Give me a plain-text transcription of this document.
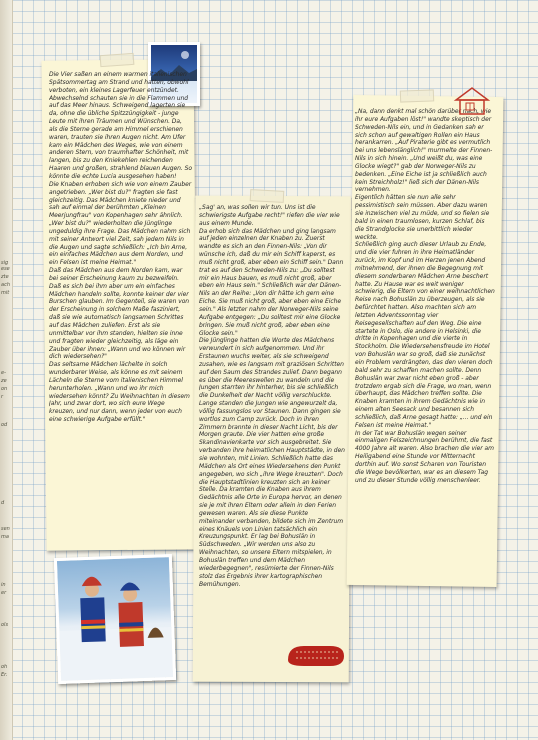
sig
ese
zte
ach
mit
e-
ze
on
r
od
d
sen
ma
in
er
ols
oh
Er.

Die Vier saßen an einem warmen italienischen Spätsommertag am Strand und hatten, obwohl verboten, ein kleines Lagerfeuer entzündet. Abwechselnd schauten sie in die Flammen und auf das Meer hinaus. Schweigend lagerten sie da, ohne die übliche Spitzzüngigkeit - junge Leute mit ihren Träumen und Wünschen. Da, als die Sterne gerade am Himmel erschienen waren, trauten sie ihren Augen nicht. Am Ufer kam ein Mädchen des Weges, wie von einem anderen Stern, von traumhafter Schönheit, mit langen, bis zu den Kniekehlen reichenden Haaren und großen, strahlend blauen Augen. So könnte die echte Lucia ausgesehen haben!

Die Knaben erhoben sich wie von einem Zauber angetrieben. „Wer bist du?" fragten sie fast gleichzeitig. Das Mädchen kniete nieder und sah auf einmal der berühmten „Kleinen Meerjungfrau" von Kopenhagen sehr ähnlich. „Wer bist du?" wiederholten die Jünglinge ungeduldig ihre Frage. Das Mädchen nahm sich mit seiner Antwort viel Zeit, sah jedem Nils in die Augen und sagte schließlich: „Ich bin Arne, ein einfaches Mädchen aus dem Norden, und ein Felsen ist meine Heimat."

Daß das Mädchen aus dem Norden kam, war bei seiner Erscheinung kaum zu bezweifeln. Daß es sich bei ihm aber um ein einfaches Mädchen handeln sollte, konnte keiner der vier Burschen glauben. Im Gegenteil, sie waren von der Erscheinung in solchem Maße fasziniert, daß sie wie automatisch langsamen Schrittes auf das Mädchen zuliefen. Erst als sie unmittelbar vor ihm standen, hielten sie inne und fragten wieder gleichzeitig, als läge ein Zauber über ihnen: „Wann und wo können wir dich wiedersehen?"

Das seltsame Mädchen lächelte in solch wunderbarer Weise, als könne es mit seinem Lächeln die Sterne vom italienischen Himmel herunterholen. „Wann und wo ihr mich wiedersehen könnt? Zu Weihnachten in diesem Jahr, und zwar dort, wo sich eure Wege kreuzen, und nur dann, wenn jeder von euch eine schwierige Aufgabe erfüllt."

„Sag' an, was sollen wir tun. Uns ist die schwierigste Aufgabe recht!" riefen die vier wie aus einem Munde.

Da erhob sich das Mädchen und ging langsam auf jeden einzelnen der Knaben zu. Zuerst wandte es sich an den Finnen-Nils: „Von dir wünsche ich, daß du mir ein Schiff kaperst, es muß nicht groß, aber eben ein Schiff sein." Dann trat es auf den Schweden-Nils zu: „Du solltest mir ein Haus bauen, es muß nicht groß, aber eben ein Haus sein." Schließlich war der Dänen-Nils an der Reihe: „Von dir hätte ich gern eine Eiche. Sie muß nicht groß, aber eben eine Eiche sein." Als letzter nahm der Norweger-Nils seine Aufgabe entgegen: „Du solltest mir eine Glocke bringen. Sie muß nicht groß, aber eben eine Glocke sein."

Die Jünglinge hatten die Worte des Mädchens verwundert in sich aufgenommen. Und ihr Erstaunen wuchs weiter, als sie schweigend zusahen, wie es langsam mit graziösen Schritten auf den Saum des Strandes zulief. Dann begann es über die Meereswellen zu wandeln und die Jungen starrten ihr hinterher, bis sie schließlich die Dunkelheit der Nacht völlig verschluckte. Lange standen die Jungen wie angewurzelt da, völlig fassungslos vor Staunen. Dann gingen sie wortlos zum Camp zurück. Doch in ihren Zimmern brannte in dieser Nacht Licht, bis der Morgen graute. Die vier hatten eine große Skandinavienkarte vor sich ausgebreitet. Sie verbanden ihre heimatlichen Hauptstädte, in den sie wohnten, mit Linien. Schließlich hatte das Mädchen als Ort eines Wiedersehens den Punkt angegeben, wo sich „ihre Wege kreuzten". Doch die Hauptstadtlinien kreuzten sich an keiner Stelle. Da kramten die Knaben aus ihrem Gedächtnis alle Orte in Europa hervor, an denen sie je mit ihren Eltern oder allein in den Ferien gewesen waren. Als sie diese Punkte miteinander verbanden, bildete sich im Zentrum eines Knäuels von Linien tatsächlich ein Kreuzungspunkt. Er lag bei Bohuslän in Südschweden. „Wir werden uns also zu Weihnachten, so unsere Eltern mitspielen, in Bohuslän treffen und dem Mädchen wiederbegegnen", resümierte der Finnen-Nils stolz das Ergebnis ihrer kartographischen Bemühungen.

„Na, dann denkt mal schön darüber nach, wie ihr eure Aufgaben löst!" wandte skeptisch der Schweden-Nils ein, und in Gedanken sah er sich schon auf gewaltigen Rollen ein Haus herankarren. „Auf Piraterie gibt es vermutlich bei uns lebenslänglich!" murmelte der Finnen-Nils in sich hinein. „Und weißt du, was eine Glocke wiegt?" gab der Norweger-Nils zu bedenken. „Eine Eiche ist ja schließlich auch kein Streichholz!" ließ sich der Dänen-Nils vernehmen.

Eigentlich hätten sie nun alle sehr pessimistisch sein müssen. Aber dazu waren sie inzwischen viel zu müde, und so fielen sie bald in einen traumlosen, kurzen Schlaf, bis die Strandglocke sie unerbittlich wieder weckte.

Schließlich ging auch dieser Urlaub zu Ende, und die vier fuhren in ihre Heimatländer zurück, im Kopf und im Herzen jenen Abend mitnehmend, der ihnen die Begegnung mit diesem sonderbaren Mädchen Arne beschert hatte. Zu Hause war es weit weniger schwierig, die Eltern von einer weihnachtlichen Reise nach Bohuslän zu überzeugen, als sie befürchtet hatten. Also machten sich am letzten Adventssonntag vier Reisegesellschaften auf den Weg. Die eine startete in Oslo, die andere in Helsinki, die dritte in Kopenhagen und die vierte in Stockholm. Die Wiedersehensfreude im Hotel von Bohuslän war so groß, daß sie zunächst ein Problem verdrängten, das den vieren doch bald sehr zu schaffen machen sollte. Denn Bohuslän war zwar nicht eben groß - aber trotzdem ergab sich die Frage, wo man, wenn überhaupt, das Mädchen treffen sollte. Die Knaben kramten in ihrem Gedächtnis wie in einem alten Seesack und besannen sich schließlich, daß Arne gesagt hatte: „... und ein Felsen ist meine Heimat."

In der Tat war Bohuslän wegen seiner einmaligen Felszeichnungen berühmt, die fast 4000 Jahre alt waren. Also brachen die vier am Heiligabend eine Stunde vor Mitternacht dorthin auf. Wo sonst Scharen von Touristen die Wege bevölkerten, war es an diesem Tag und zu dieser Stunde völlig menschenleer.
